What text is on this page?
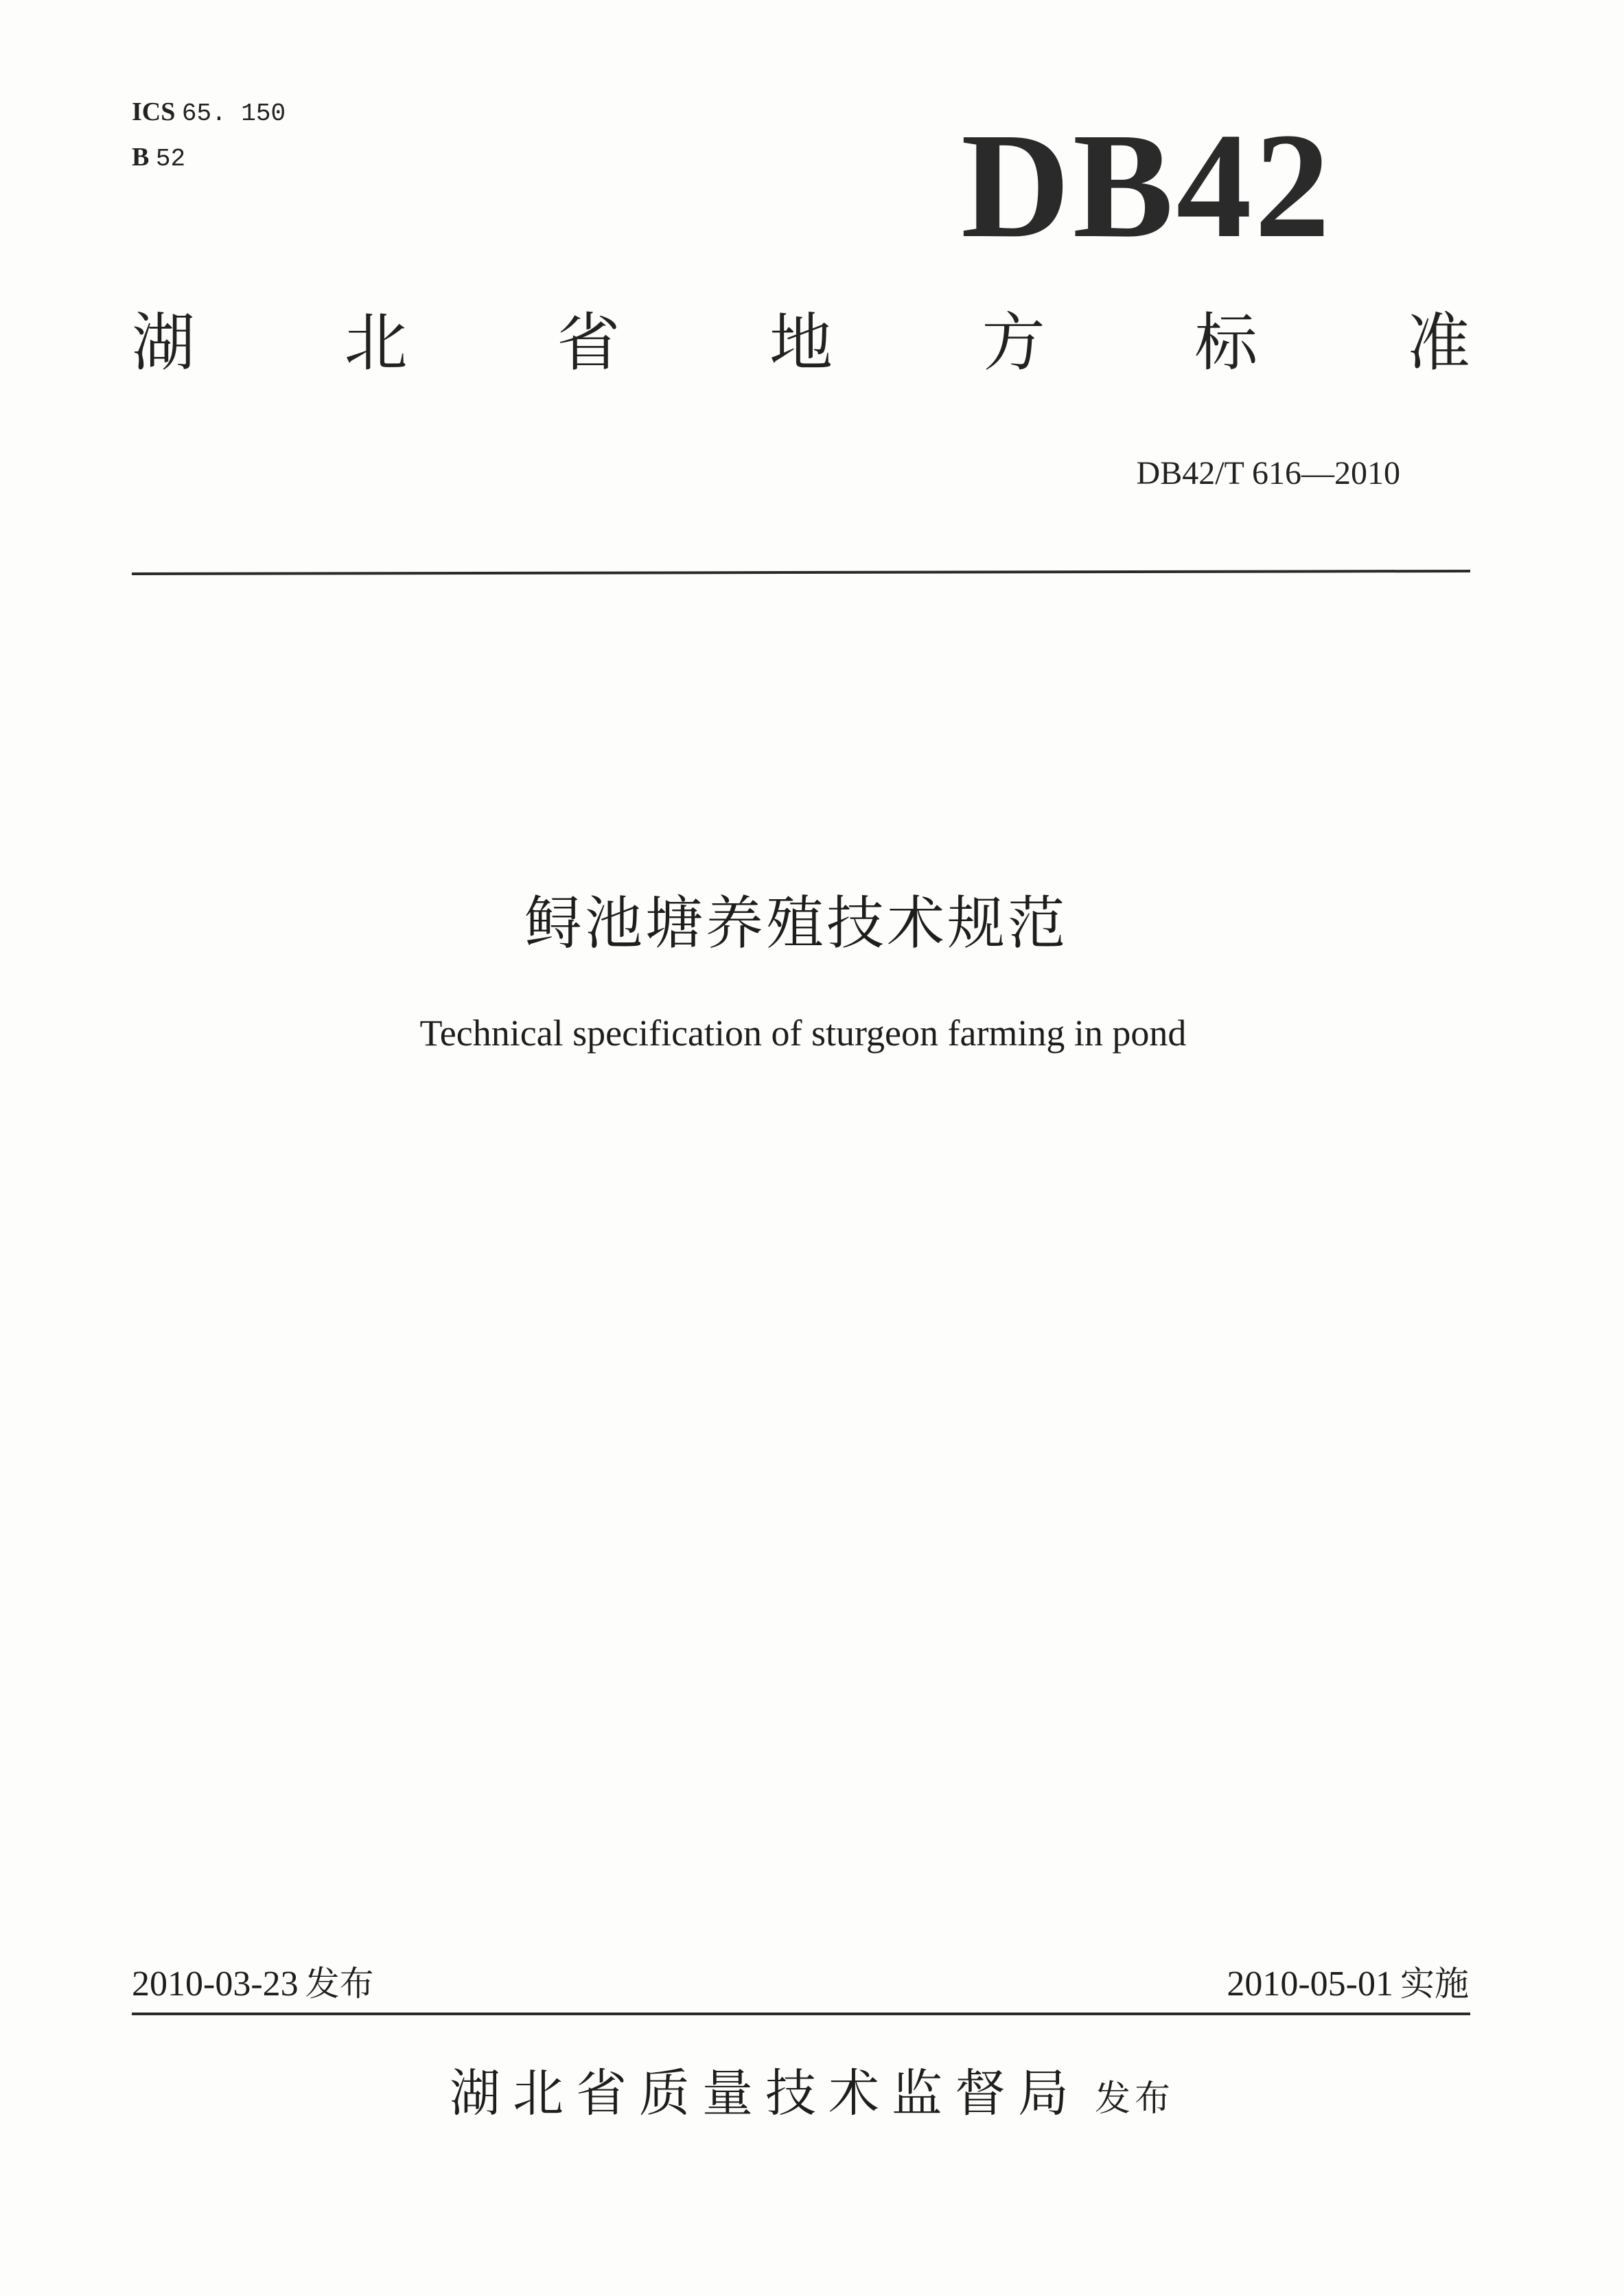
ICS 65. 150
B 52	DB42
湖 北 省 地 方 标 准
DB42/T 616—2010
鲟池塘养殖技术规范
Technical specification of sturgeon farming in pond
2010-03-23 发布	2010-05-01 实施
湖北省质量技术监督局 发布
